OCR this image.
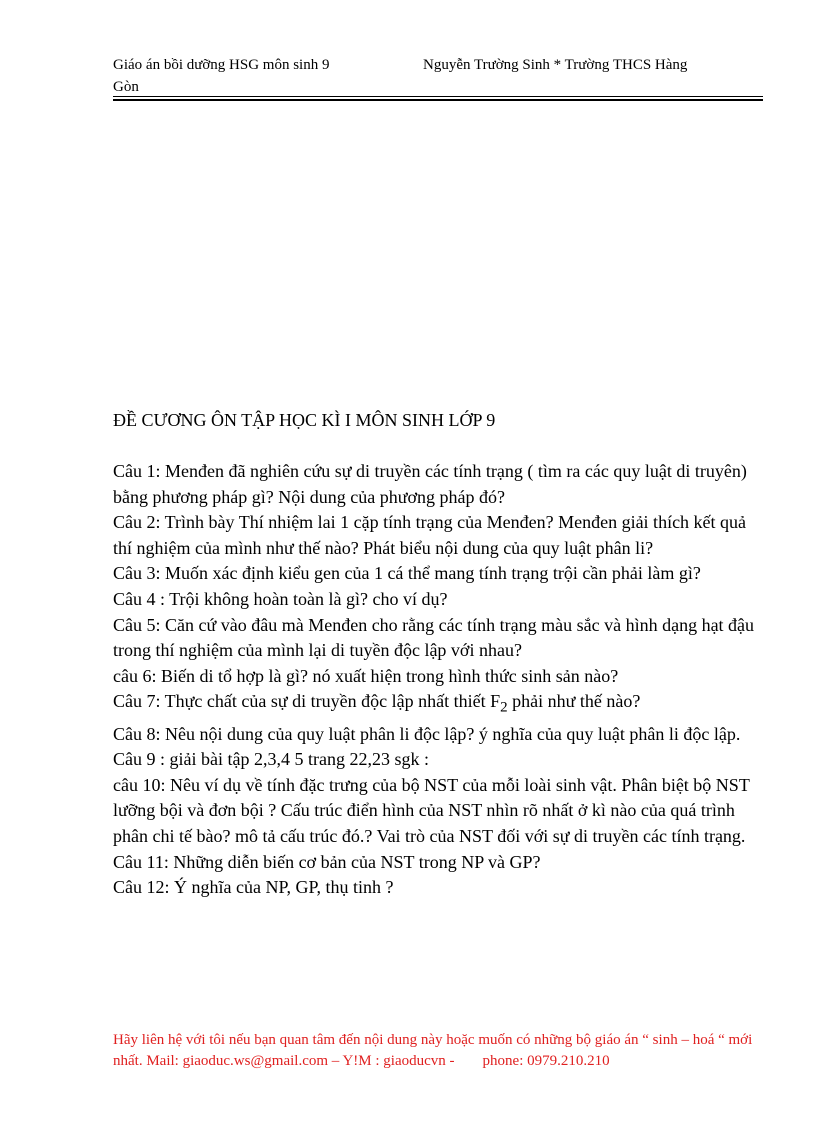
Giáo án bồi dưỡng HSG môn sinh 9	Nguyễn Trường Sinh * Trường THCS Hàng
Gòn
ĐỀ CƯƠNG ÔN TẬP HỌC KÌ I MÔN SINH LỚP 9
Câu 1: Menđen đã nghiên cứu sự di truyền các tính trạng ( tìm ra các quy luật di truyên) bằng phương pháp gì? Nội dung của phương pháp đó?
Câu 2: Trình bày Thí nhiệm lai 1 cặp tính trạng của Menđen? Menđen giải thích kết quả thí nghiệm của mình như thế nào? Phát biểu nội dung của quy luật phân li?
Câu 3: Muốn xác định kiểu gen của 1 cá thể mang tính trạng trội cần phải làm gì?
Câu 4 : Trội không hoàn toàn là gì? cho ví dụ?
Câu 5: Căn cứ vào đâu mà Menđen cho rằng các tính trạng màu sắc và hình dạng hạt đậu trong thí nghiệm của mình lại di tuyền độc lập với nhau?
câu 6: Biến di tổ hợp là gì? nó xuất hiện trong hình thức sinh sản nào?
Câu 7: Thực chất của sự di truyền độc lập nhất thiết $F_2$ phải như thế nào?
Câu 8: Nêu nội dung của quy luật phân li độc lập? ý nghĩa của quy luật phân li độc lập.
Câu 9 : giải bài tập 2,3,4 5 trang 22,23 sgk :
câu 10: Nêu ví dụ về tính đặc trưng của bộ NST của mỗi loài sinh vật. Phân biệt bộ NST lưỡng bội và đơn bội ? Cấu trúc điển hình của NST nhìn rõ nhất ở kì nào của quá trình phân chi tế bào? mô tả cấu trúc đó.? Vai trò của NST đối với sự di truyền các tính trạng.
Câu 11: Những diễn biến cơ bản của NST trong NP và GP?
Câu 12: Ý nghĩa của NP, GP, thụ tinh ?
Hãy liên hệ với tôi nếu bạn quan tâm đến nội dung này hoặc muốn có những bộ giáo án “ sinh – hoá “ mới nhất. Mail: giaoduc.ws@gmail.com – Y!M : giaoducvn - phone: 0979.210.210
